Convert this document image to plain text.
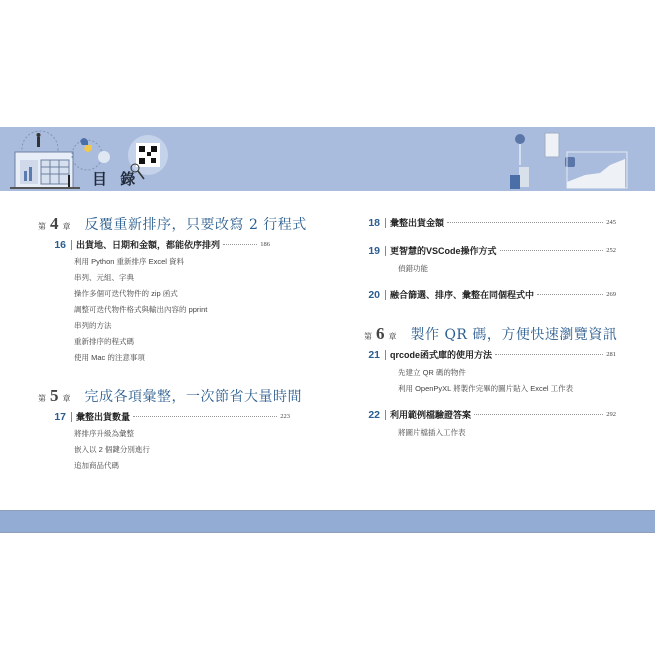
目 錄
第 4 章 反覆重新排序，只要改寫 2 行程式
16 出貨地、日期和金額，都能依序排列	186
利用 Python 重新排序 Excel 資料
串列、元組、字典
操作多個可迭代物件的 zip 函式
調整可迭代物件格式與輸出內容的 pprint
串列的方法
重新排序的程式碼
使用 Mac 的注意事項
第 5 章 完成各項彙整，一次節省大量時間
17 彙整出貨數量	223
將排序升級為彙整
嵌入以 2 個鍵分別進行
追加商品代碼
18 彙整出貨金額	245
19 更智慧的VSCode操作方式	252
偵錯功能
20 融合篩選、排序、彙整在同個程式中	269
第 6 章 製作 QR 碼，方便快速瀏覽資訊
21 qrcode函式庫的使用方法	281
先建立 QR 碼的物件
利用 OpenPyXL 將製作完畢的圖片貼入 Excel 工作表
22 利用範例檔驗證答案	292
將圖片檔插入工作表
